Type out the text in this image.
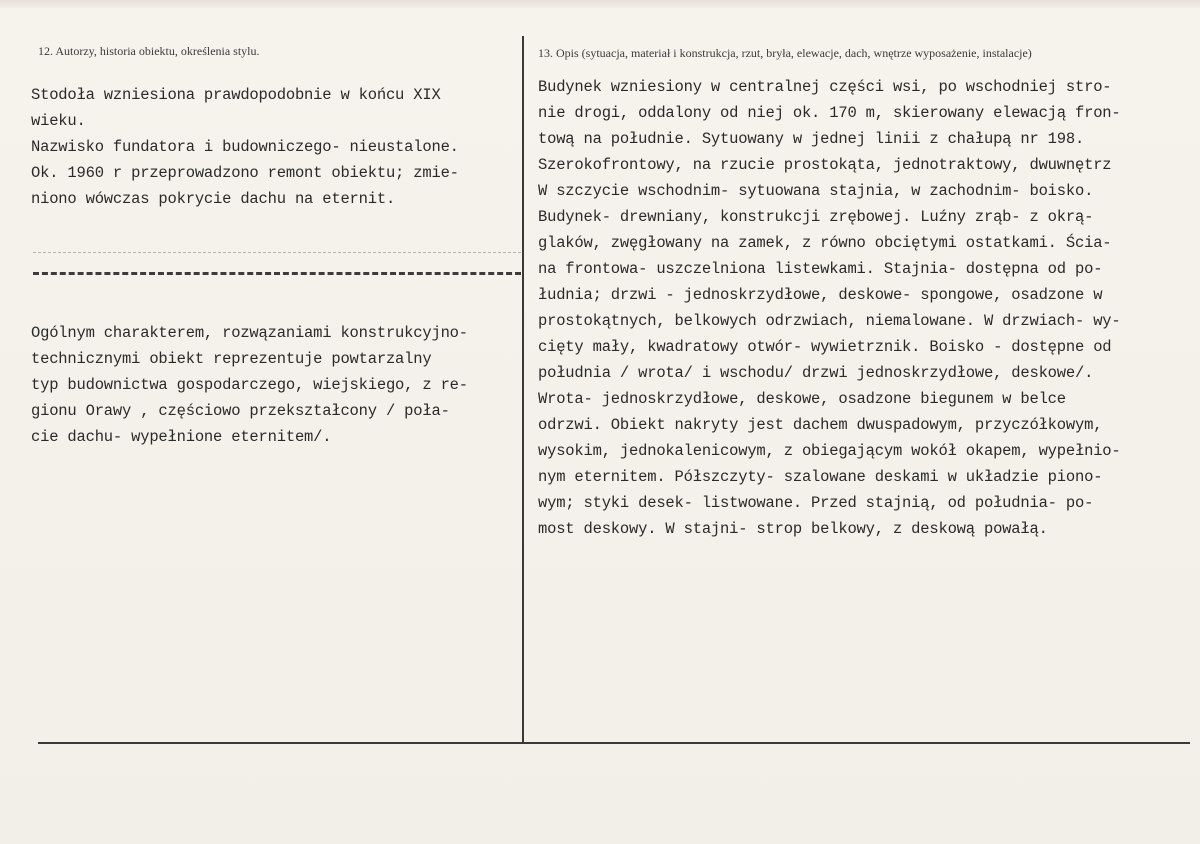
12. Autorzy, historia obiektu, określenia stylu.	13. Opis (sytuacja, materiał i konstrukcja, rzut, bryła, elewacje, dach, wnętrze wyposażenie, instalacje)
Stodoła wzniesiona prawdopodobnie w końcu XIX
wieku.
Nazwisko fundatora i budowniczego- nieustalone.
Ok. 1960 r przeprowadzono remont obiektu; zmie-
niono wówczas pokrycie dachu na eternit.
Ogólnym charakterem, rozwązaniami konstrukcyjno-
technicznymi obiekt reprezentuje powtarzalny
typ budownictwa gospodarczego, wiejskiego, z re-
gionu Orawy , częściowo przekształcony / poła-
cie dachu- wypełnione eternitem/.
Budynek wzniesiony w centralnej części wsi, po wschodniej stro-
nie drogi, oddalony od niej ok. 170 m, skierowany elewacją fron-
tową na południe. Sytuowany w jednej linii z chałupą nr 198.
Szerokofrontowy, na rzucie prostokąta, jednotraktowy, dwuwnętrz
W szczycie wschodnim- sytuowana stajnia, w zachodnim- boisko.
Budynek- drewniany, konstrukcji zrębowej. Luźny zrąb- z okrą-
glaków, zwęgłowany na zamek, z równo obciętymi ostatkami. Ścia-
na frontowa- uszczelniona listewkami. Stajnia- dostępna od po-
łudnia; drzwi - jednoskrzydłowe, deskowe- spongowe, osadzone w
prostokątnych, belkowych odrzwiach, niemalowane. W drzwiach- wy-
cięty mały, kwadratowy otwór- wywietrznik. Boisko - dostępne od
południa / wrota/ i wschodu/ drzwi jednoskrzydłowe, deskowe/.
Wrota- jednoskrzydłowe, deskowe, osadzone biegunem w belce
odrzwi. Obiekt nakryty jest dachem dwuspadowym, przyczółkowym,
wysokim, jednokalenicowym, z obiegającym wokół okapem, wypełnio-
nym eternitem. Półszczyty- szalowane deskami w układzie piono-
wym; styki desek- listwowane. Przed stajnią, od południa- po-
most deskowy. W stajni- strop belkowy, z deskową powałą.
